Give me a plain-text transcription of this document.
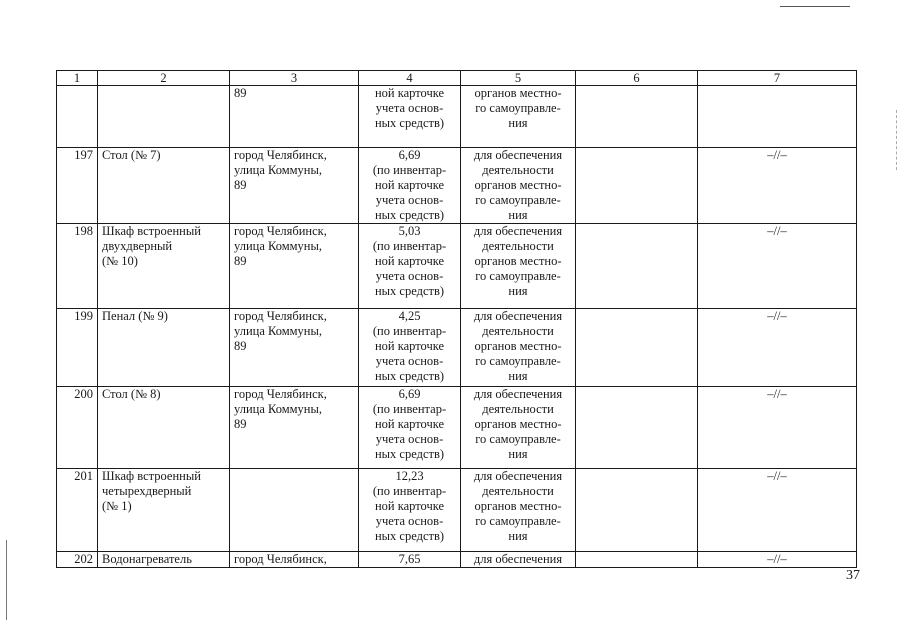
1	2	3	4	5	6	7

		89	ной карточке
учета основ-
ных средств)	органов местно-
го самоуправле-
ния		

197	Стол (№ 7)	город Челябинск,
улица Коммуны,
89	6,69
(по инвентар-
ной карточке
учета основ-
ных средств)	для обеспечения
деятельности
органов местно-
го самоуправле-
ния		–//–
198	Шкаф встроенный
двухдверный
(№ 10)	город Челябинск,
улица Коммуны,
89	5,03
(по инвентар-
ной карточке
учета основ-
ных средств)	для обеспечения
деятельности
органов местно-
го самоуправле-
ния		–//–
199	Пенал (№ 9)	город Челябинск,
улица Коммуны,
89	4,25
(по инвентар-
ной карточке
учета основ-
ных средств)	для обеспечения
деятельности
органов местно-
го самоуправле-
ния		–//–
200	Стол (№ 8)	город Челябинск,
улица Коммуны,
89	6,69
(по инвентар-
ной карточке
учета основ-
ных средств)	для обеспечения
деятельности
органов местно-
го самоуправле-
ния		–//–
201	Шкаф встроенный
четырехдверный
(№ 1)		12,23
(по инвентар-
ной карточке
учета основ-
ных средств)	для обеспечения
деятельности
органов местно-
го самоуправле-
ния		–//–
202	Водонагреватель	город Челябинск,	7,65	для обеспечения		–//–
37
